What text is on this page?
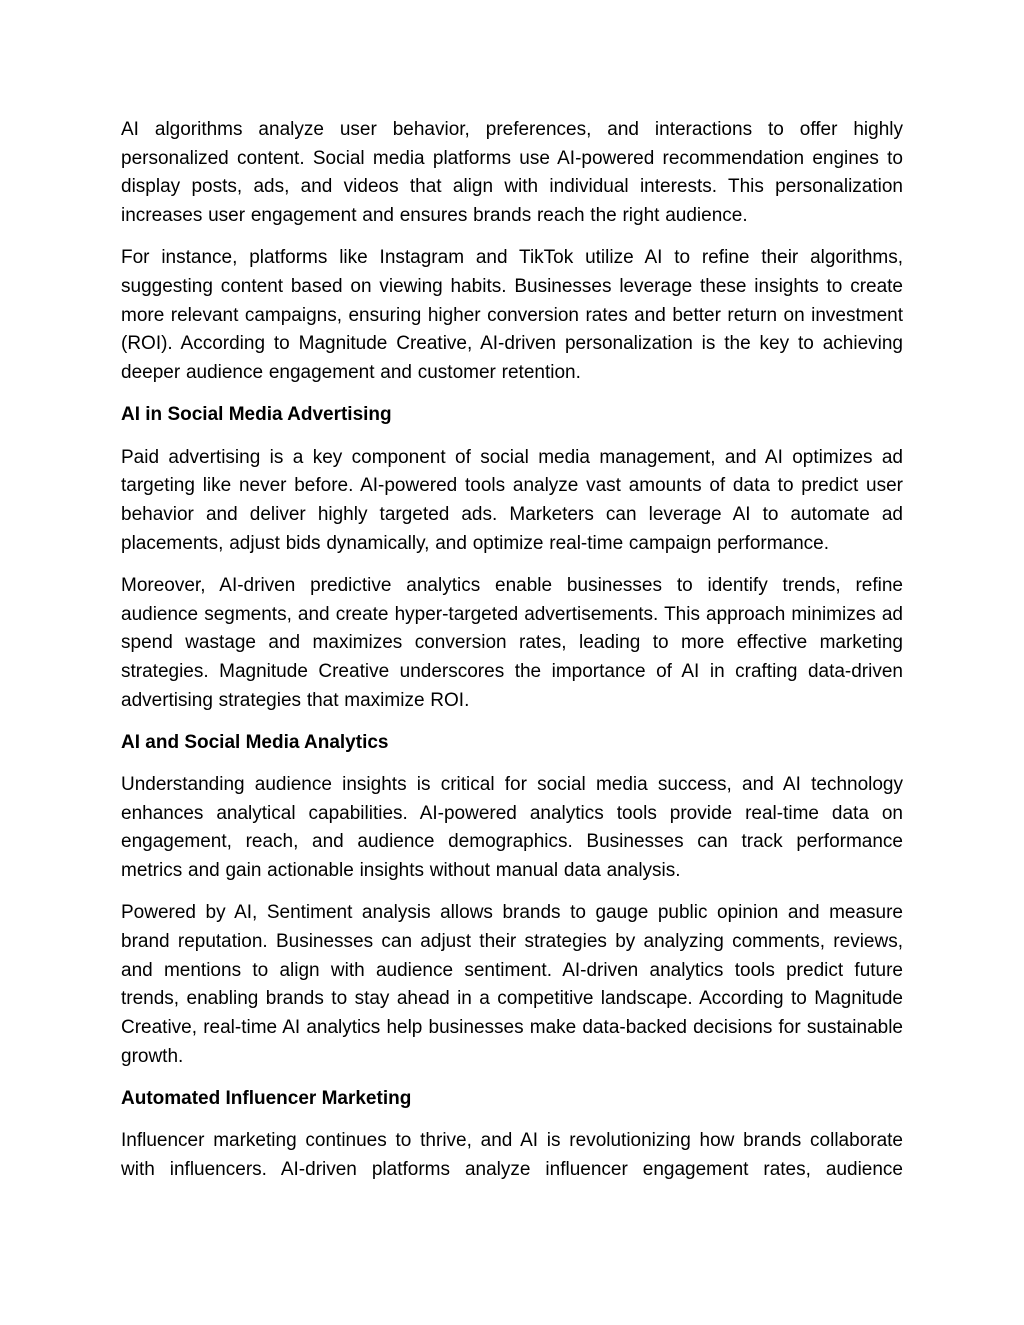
AI algorithms analyze user behavior, preferences, and interactions to offer highly personalized content. Social media platforms use AI-powered recommendation engines to display posts, ads, and videos that align with individual interests. This personalization increases user engagement and ensures brands reach the right audience.

For instance, platforms like Instagram and TikTok utilize AI to refine their algorithms, suggesting content based on viewing habits. Businesses leverage these insights to create more relevant campaigns, ensuring higher conversion rates and better return on investment (ROI). According to Magnitude Creative, AI-driven personalization is the key to achieving deeper audience engagement and customer retention.

AI in Social Media Advertising

Paid advertising is a key component of social media management, and AI optimizes ad targeting like never before. AI-powered tools analyze vast amounts of data to predict user behavior and deliver highly targeted ads. Marketers can leverage AI to automate ad placements, adjust bids dynamically, and optimize real-time campaign performance.

Moreover, AI-driven predictive analytics enable businesses to identify trends, refine audience segments, and create hyper-targeted advertisements. This approach minimizes ad spend wastage and maximizes conversion rates, leading to more effective marketing strategies. Magnitude Creative underscores the importance of AI in crafting data-driven advertising strategies that maximize ROI.

AI and Social Media Analytics

Understanding audience insights is critical for social media success, and AI technology enhances analytical capabilities. AI-powered analytics tools provide real-time data on engagement, reach, and audience demographics. Businesses can track performance metrics and gain actionable insights without manual data analysis.

Powered by AI, Sentiment analysis allows brands to gauge public opinion and measure brand reputation. Businesses can adjust their strategies by analyzing comments, reviews, and mentions to align with audience sentiment. AI-driven analytics tools predict future trends, enabling brands to stay ahead in a competitive landscape. According to Magnitude Creative, real-time AI analytics help businesses make data-backed decisions for sustainable growth.

Automated Influencer Marketing

Influencer marketing continues to thrive, and AI is revolutionizing how brands collaborate with influencers. AI-driven platforms analyze influencer engagement rates, audience
